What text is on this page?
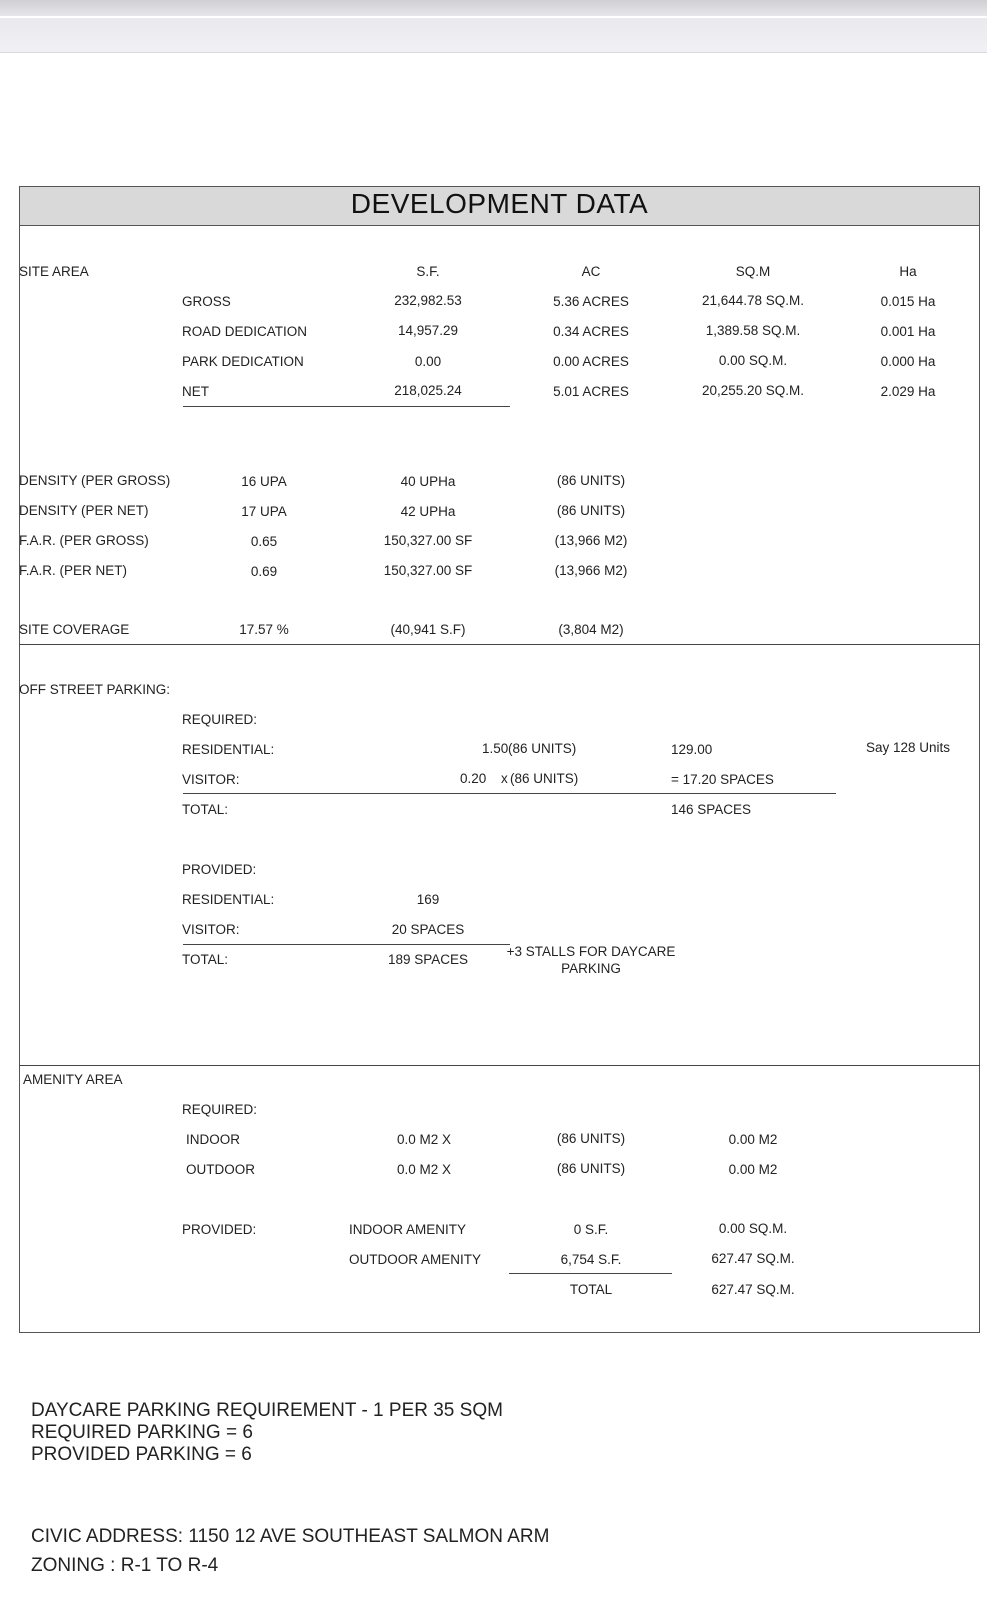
DEVELOPMENT DATA
SITE AREA	S.F.	AC	SQ.M	Ha
GROSS	232,982.53	5.36 ACRES	21,644.78 SQ.M.	0.015 Ha
ROAD DEDICATION	14,957.29	0.34 ACRES	1,389.58 SQ.M.	0.001 Ha
PARK DEDICATION	0.00	0.00 ACRES	0.00 SQ.M.	0.000 Ha
NET	218,025.24	5.01 ACRES	20,255.20 SQ.M.	2.029 Ha
DENSITY (PER GROSS)	16 UPA	40 UPHa	(86 UNITS)
DENSITY (PER NET)	17 UPA	42 UPHa	(86 UNITS)
F.A.R. (PER GROSS)	0.65	150,327.00 SF	(13,966 M2)
F.A.R. (PER NET)	0.69	150,327.00 SF	(13,966 M2)
SITE COVERAGE	17.57 %	(40,941 S.F)	(3,804 M2)
OFF STREET PARKING:
REQUIRED:
RESIDENTIAL:	1.50 (86 UNITS)	129.00	Say 128 Units
VISITOR:	0.20 x (86 UNITS)	= 17.20 SPACES
TOTAL:	146 SPACES
PROVIDED:
RESIDENTIAL:	169
VISITOR:	20 SPACES
TOTAL:	189 SPACES
+3 STALLS FOR DAYCARE
PARKING
AMENITY AREA
REQUIRED:
INDOOR	0.0 M2 X	(86 UNITS)	0.00 M2
OUTDOOR	0.0 M2 X	(86 UNITS)	0.00 M2
PROVIDED:	INDOOR AMENITY	0 S.F.	0.00 SQ.M.
OUTDOOR AMENITY	6,754 S.F.	627.47 SQ.M.
TOTAL	627.47 SQ.M.
DAYCARE PARKING REQUIREMENT - 1 PER 35 SQM
REQUIRED PARKING = 6
PROVIDED PARKING = 6
CIVIC ADDRESS: 1150 12 AVE SOUTHEAST SALMON ARM
ZONING : R-1 TO R-4
